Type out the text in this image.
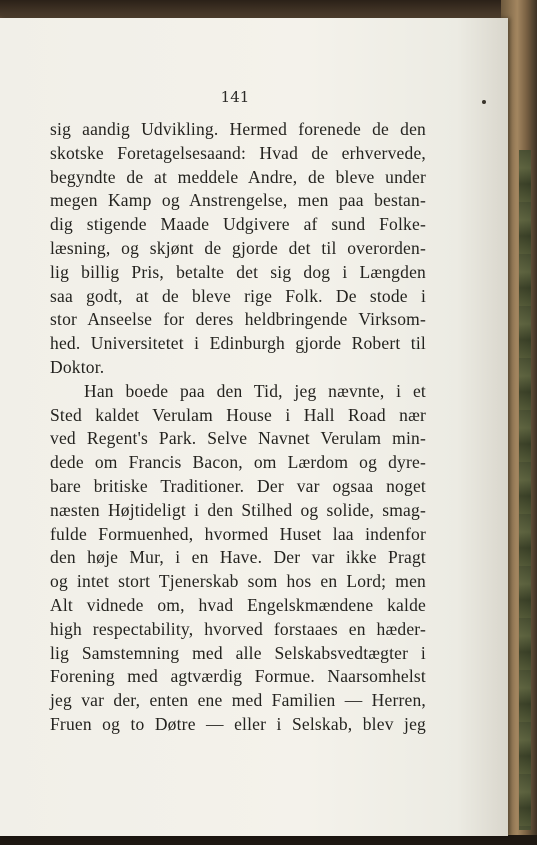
141
sig aandig Udvikling. Hermed forenede de den
skotske Foretagelsesaand: Hvad de erhvervede,
begyndte de at meddele Andre, de bleve under
megen Kamp og Anstrengelse, men paa bestan-
dig stigende Maade Udgivere af sund Folke-
læsning, og skjønt de gjorde det til overorden-
lig billig Pris, betalte det sig dog i Længden
saa godt, at de bleve rige Folk. De stode i
stor Anseelse for deres heldbringende Virksom-
hed. Universitetet i Edinburgh gjorde Robert til
Doktor.
Han boede paa den Tid, jeg nævnte, i et
Sted kaldet Verulam House i Hall Road nær
ved Regent's Park. Selve Navnet Verulam min-
dede om Francis Bacon, om Lærdom og dyre-
bare britiske Traditioner. Der var ogsaa noget
næsten Højtideligt i den Stilhed og solide, smag-
fulde Formuenhed, hvormed Huset laa indenfor
den høje Mur, i en Have. Der var ikke Pragt
og intet stort Tjenerskab som hos en Lord; men
Alt vidnede om, hvad Engelskmændene kalde
high respectability, hvorved forstaaes en hæder-
lig Samstemning med alle Selskabsvedtægter i
Forening med agtværdig Formue. Naarsomhelst
jeg var der, enten ene med Familien — Herren,
Fruen og to Døtre — eller i Selskab, blev jeg
